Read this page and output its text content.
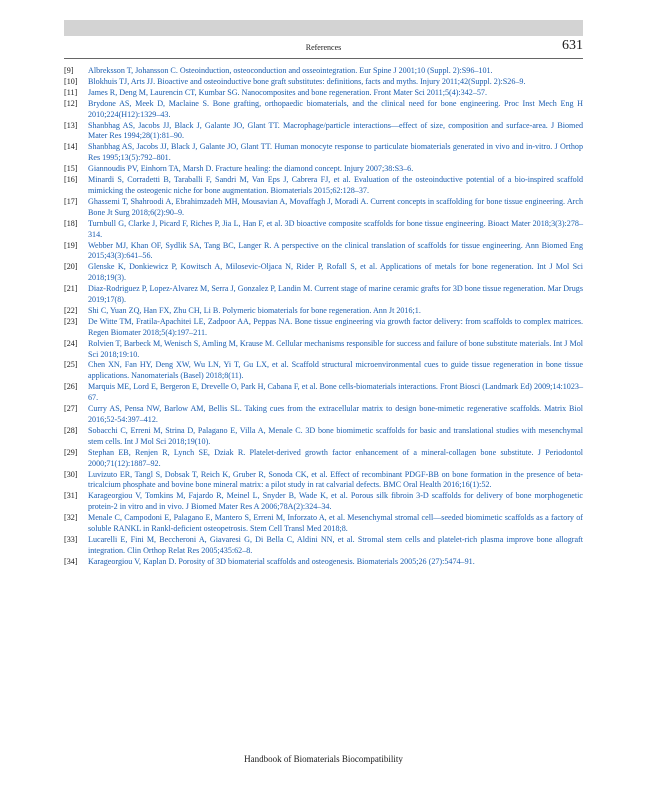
References	631
[9]	Albreksson T, Johansson C. Osteoinduction, osteoconduction and osseointegration. Eur Spine J 2001;10 (Suppl. 2):S96–101.
[10]	Blokhuis TJ, Arts JJ. Bioactive and osteoinductive bone graft substitutes: definitions, facts and myths. Injury 2011;42(Suppl. 2):S26–9.
[11]	James R, Deng M, Laurencin CT, Kumbar SG. Nanocomposites and bone regeneration. Front Mater Sci 2011;5(4):342–57.
[12]	Brydone AS, Meek D, Maclaine S. Bone grafting, orthopaedic biomaterials, and the clinical need for bone engineering. Proc Inst Mech Eng H 2010;224(H12):1329–43.
[13]	Shanbhag AS, Jacobs JJ, Black J, Galante JO, Glant TT. Macrophage/particle interactions—effect of size, composition and surface-area. J Biomed Mater Res 1994;28(1):81–90.
[14]	Shanbhag AS, Jacobs JJ, Black J, Galante JO, Glant TT. Human monocyte response to particulate biomaterials generated in vivo and in-vitro. J Orthop Res 1995;13(5):792–801.
[15]	Giannoudis PV, Einhorn TA, Marsh D. Fracture healing: the diamond concept. Injury 2007;38:S3–6.
[16]	Minardi S, Corradetti B, Taraballi F, Sandri M, Van Eps J, Cabrera FJ, et al. Evaluation of the osteoinductive potential of a bio-inspired scaffold mimicking the osteogenic niche for bone augmentation. Biomaterials 2015;62:128–37.
[17]	Ghassemi T, Shahroodi A, Ebrahimzadeh MH, Mousavian A, Movaffagh J, Moradi A. Current concepts in scaffolding for bone tissue engineering. Arch Bone Jt Surg 2018;6(2):90–9.
[18]	Turnbull G, Clarke J, Picard F, Riches P, Jia L, Han F, et al. 3D bioactive composite scaffolds for bone tissue engineering. Bioact Mater 2018;3(3):278–314.
[19]	Webber MJ, Khan OF, Sydlik SA, Tang BC, Langer R. A perspective on the clinical translation of scaffolds for tissue engineering. Ann Biomed Eng 2015;43(3):641–56.
[20]	Glenske K, Donkiewicz P, Kowitsch A, Milosevic-Oljaca N, Rider P, Rofall S, et al. Applications of metals for bone regeneration. Int J Mol Sci 2018;19(3).
[21]	Diaz-Rodriguez P, Lopez-Alvarez M, Serra J, Gonzalez P, Landin M. Current stage of marine ceramic grafts for 3D bone tissue regeneration. Mar Drugs 2019;17(8).
[22]	Shi C, Yuan ZQ, Han FX, Zhu CH, Li B. Polymeric biomaterials for bone regeneration. Ann Jt 2016;1.
[23]	De Witte TM, Fratila-Apachitei LE, Zadpoor AA, Peppas NA. Bone tissue engineering via growth factor delivery: from scaffolds to complex matrices. Regen Biomater 2018;5(4):197–211.
[24]	Rolvien T, Barbeck M, Wenisch S, Amling M, Krause M. Cellular mechanisms responsible for success and failure of bone substitute materials. Int J Mol Sci 2018;19:10.
[25]	Chen XN, Fan HY, Deng XW, Wu LN, Yi T, Gu LX, et al. Scaffold structural microenvironmental cues to guide tissue regeneration in bone tissue applications. Nanomaterials (Basel) 2018;8(11).
[26]	Marquis ME, Lord E, Bergeron E, Drevelle O, Park H, Cabana F, et al. Bone cells-biomaterials interactions. Front Biosci (Landmark Ed) 2009;14:1023–67.
[27]	Curry AS, Pensa NW, Barlow AM, Bellis SL. Taking cues from the extracellular matrix to design bone-mimetic regenerative scaffolds. Matrix Biol 2016;52-54:397–412.
[28]	Sobacchi C, Erreni M, Strina D, Palagano E, Villa A, Menale C. 3D bone biomimetic scaffolds for basic and translational studies with mesenchymal stem cells. Int J Mol Sci 2018;19(10).
[29]	Stephan EB, Renjen R, Lynch SE, Dziak R. Platelet-derived growth factor enhancement of a mineral-collagen bone substitute. J Periodontol 2000;71(12):1887–92.
[30]	Luvizuto ER, Tangl S, Dobsak T, Reich K, Gruber R, Sonoda CK, et al. Effect of recombinant PDGF-BB on bone formation in the presence of beta-tricalcium phosphate and bovine bone mineral matrix: a pilot study in rat calvarial defects. BMC Oral Health 2016;16(1):52.
[31]	Karageorgiou V, Tomkins M, Fajardo R, Meinel L, Snyder B, Wade K, et al. Porous silk fibroin 3-D scaffolds for delivery of bone morphogenetic protein-2 in vitro and in vivo. J Biomed Mater Res A 2006;78A(2):324–34.
[32]	Menale C, Campodoni E, Palagano E, Mantero S, Erreni M, Inforzato A, et al. Mesenchymal stromal cell—seeded biomimetic scaffolds as a factory of soluble RANKL in Rankl-deficient osteopetrosis. Stem Cell Transl Med 2018;8.
[33]	Lucarelli E, Fini M, Beccheroni A, Giavaresi G, Di Bella C, Aldini NN, et al. Stromal stem cells and platelet-rich plasma improve bone allograft integration. Clin Orthop Relat Res 2005;435:62–8.
[34]	Karageorgiou V, Kaplan D. Porosity of 3D biomaterial scaffolds and osteogenesis. Biomaterials 2005;26 (27):5474–91.
Handbook of Biomaterials Biocompatibility
